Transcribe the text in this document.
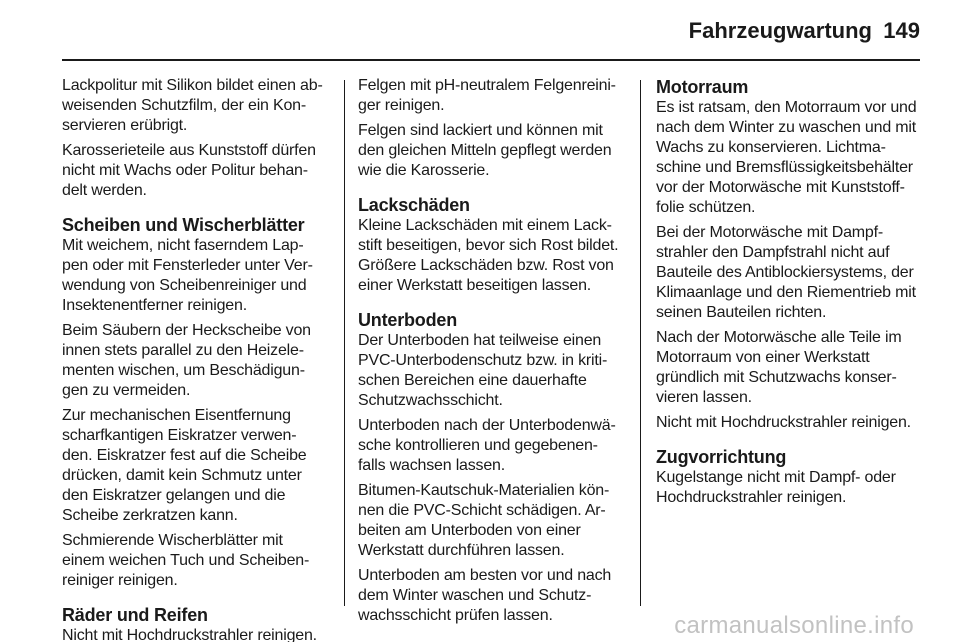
Fahrzeugwartung 149
Lackpolitur mit Silikon bildet einen ab-
weisenden Schutzfilm, der ein Kon-
servieren erübrigt.
Karosserieteile aus Kunststoff dürfen
nicht mit Wachs oder Politur behan-
delt werden.
Scheiben und Wischerblätter
Mit weichem, nicht faserndem Lap-
pen oder mit Fensterleder unter Ver-
wendung von Scheibenreiniger und
Insektenentferner reinigen.
Beim Säubern der Heckscheibe von
innen stets parallel zu den Heizele-
menten wischen, um Beschädigun-
gen zu vermeiden.
Zur mechanischen Eisentfernung
scharfkantigen Eiskratzer verwen-
den. Eiskratzer fest auf die Scheibe
drücken, damit kein Schmutz unter
den Eiskratzer gelangen und die
Scheibe zerkratzen kann.
Schmierende Wischerblätter mit
einem weichen Tuch und Scheiben-
reiniger reinigen.
Räder und Reifen
Nicht mit Hochdruckstrahler reinigen.
Felgen mit pH-neutralem Felgenreini-
ger reinigen.
Felgen sind lackiert und können mit
den gleichen Mitteln gepflegt werden
wie die Karosserie.
Lackschäden
Kleine Lackschäden mit einem Lack-
stift beseitigen, bevor sich Rost bildet.
Größere Lackschäden bzw. Rost von
einer Werkstatt beseitigen lassen.
Unterboden
Der Unterboden hat teilweise einen
PVC-Unterbodenschutz bzw. in kriti-
schen Bereichen eine dauerhafte
Schutzwachsschicht.
Unterboden nach der Unterbodenwä-
sche kontrollieren und gegebenen-
falls wachsen lassen.
Bitumen-Kautschuk-Materialien kön-
nen die PVC-Schicht schädigen. Ar-
beiten am Unterboden von einer
Werkstatt durchführen lassen.
Unterboden am besten vor und nach
dem Winter waschen und Schutz-
wachsschicht prüfen lassen.
Motorraum
Es ist ratsam, den Motorraum vor und
nach dem Winter zu waschen und mit
Wachs zu konservieren. Lichtma-
schine und Bremsflüssigkeitsbehälter
vor der Motorwäsche mit Kunststoff-
folie schützen.
Bei der Motorwäsche mit Dampf-
strahler den Dampfstrahl nicht auf
Bauteile des Antiblockiersystems, der
Klimaanlage und den Riementrieb mit
seinen Bauteilen richten.
Nach der Motorwäsche alle Teile im
Motorraum von einer Werkstatt
gründlich mit Schutzwachs konser-
vieren lassen.
Nicht mit Hochdruckstrahler reinigen.
Zugvorrichtung
Kugelstange nicht mit Dampf- oder
Hochdruckstrahler reinigen.
carmanualsonline.info
